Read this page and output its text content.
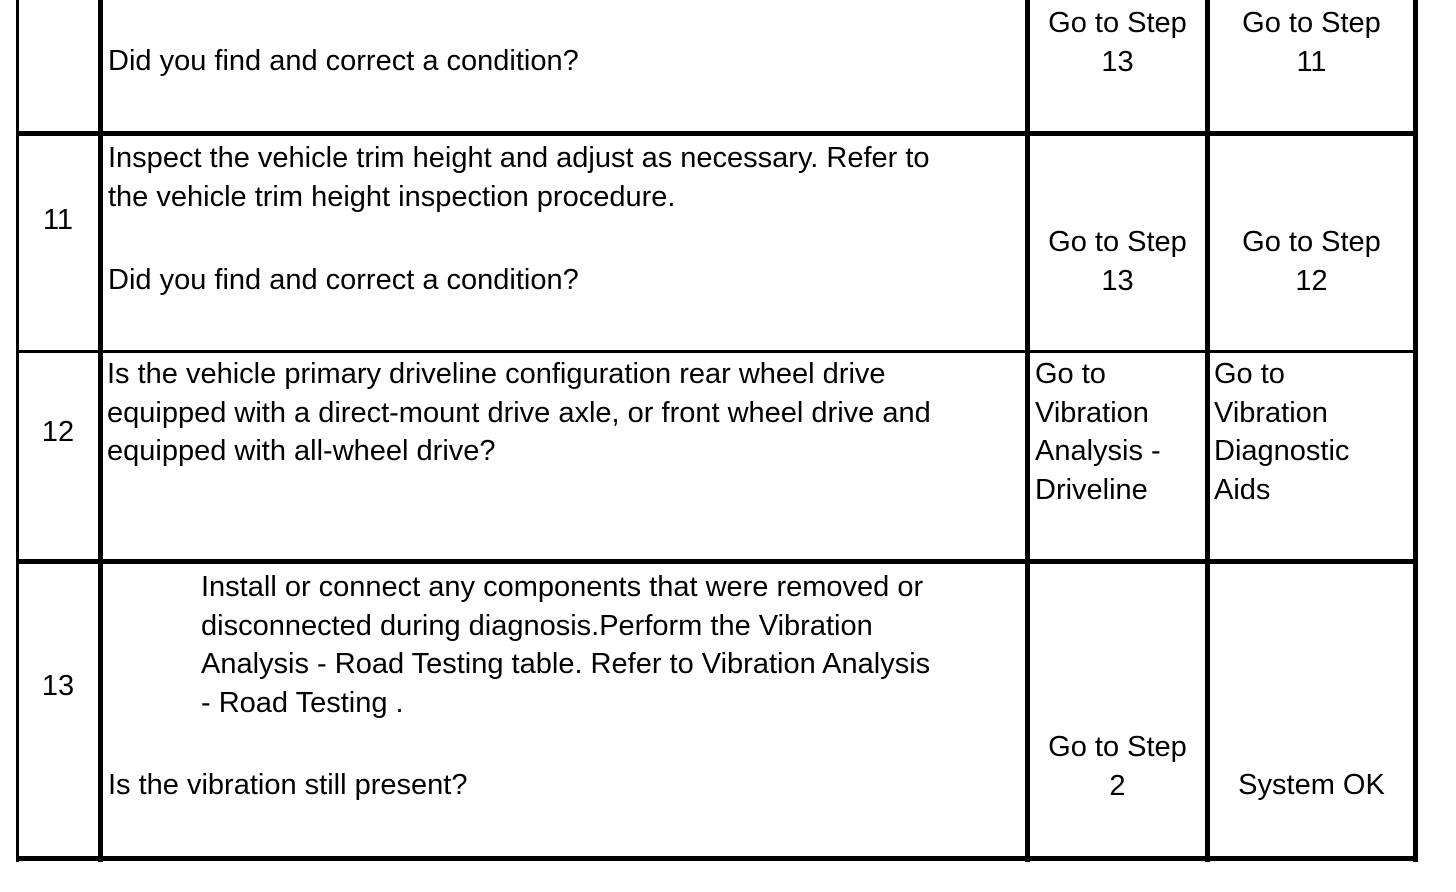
Did you find and correct a condition?
Go to Step
13
Go to Step
11
11
Inspect the vehicle trim height and adjust as necessary. Refer to
the vehicle trim height inspection procedure.
Did you find and correct a condition?
Go to Step
13
Go to Step
12
12
Is the vehicle primary driveline configuration rear wheel drive
equipped with a direct-mount drive axle, or front wheel drive and
equipped with all-wheel drive?
Go to
Vibration
Analysis -
Driveline
Go to
Vibration
Diagnostic
Aids
13
Install or connect any components that were removed or
disconnected during diagnosis.Perform the Vibration
Analysis - Road Testing table. Refer to Vibration Analysis
- Road Testing .
Is the vibration still present?
Go to Step
2	System OK
